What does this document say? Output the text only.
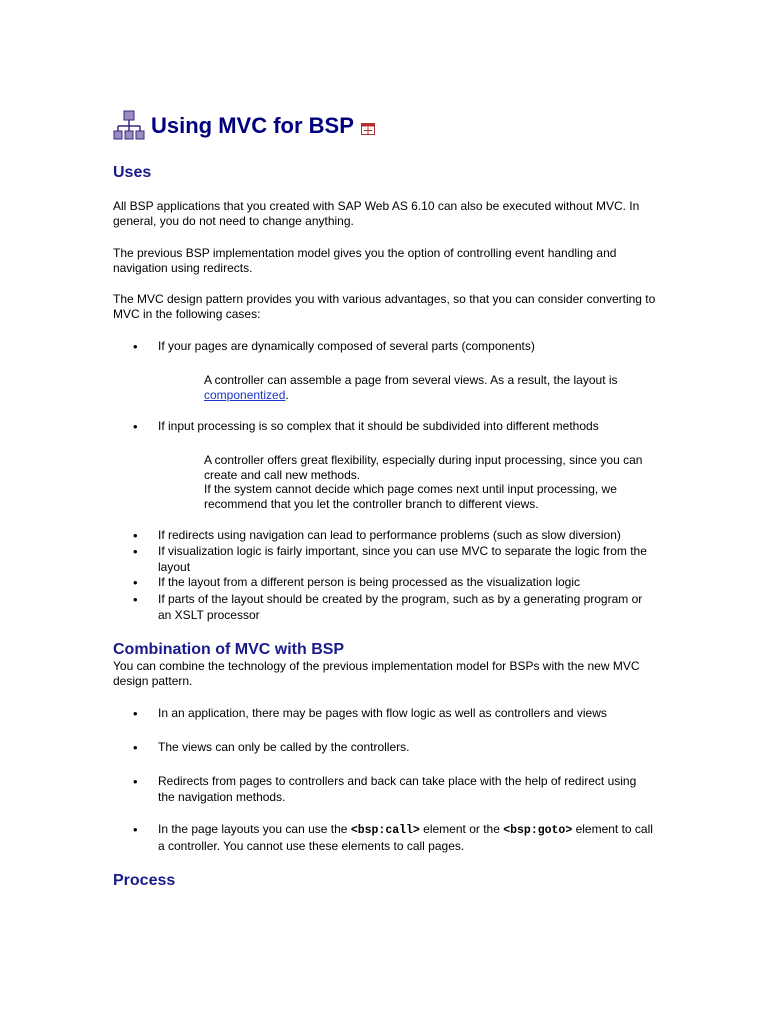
Using MVC for BSP
Uses

All BSP applications that you created with SAP Web AS 6.10 can also be executed without MVC. In general, you do not need to change anything.

The previous BSP implementation model gives you the option of controlling event handling and navigation using redirects.

The MVC design pattern provides you with various advantages, so that you can consider converting to MVC in the following cases:

• If your pages are dynamically composed of several parts (components)
A controller can assemble a page from several views. As a result, the layout is componentized.
• If input processing is so complex that it should be subdivided into different methods
A controller offers great flexibility, especially during input processing, since you can create and call new methods.
If the system cannot decide which page comes next until input processing, we recommend that you let the controller branch to different views.
• If redirects using navigation can lead to performance problems (such as slow diversion)
• If visualization logic is fairly important, since you can use MVC to separate the logic from the layout
• If the layout from a different person is being processed as the visualization logic
• If parts of the layout should be created by the program, such as by a generating program or an XSLT processor
Combination of MVC with BSP

You can combine the technology of the previous implementation model for BSPs with the new MVC design pattern.

• In an application, there may be pages with flow logic as well as controllers and views
• The views can only be called by the controllers.
• Redirects from pages to controllers and back can take place with the help of redirect using the navigation methods.
• In the page layouts you can use the <bsp:call> element or the <bsp:goto> element to call a controller. You cannot use these elements to call pages.
Process
